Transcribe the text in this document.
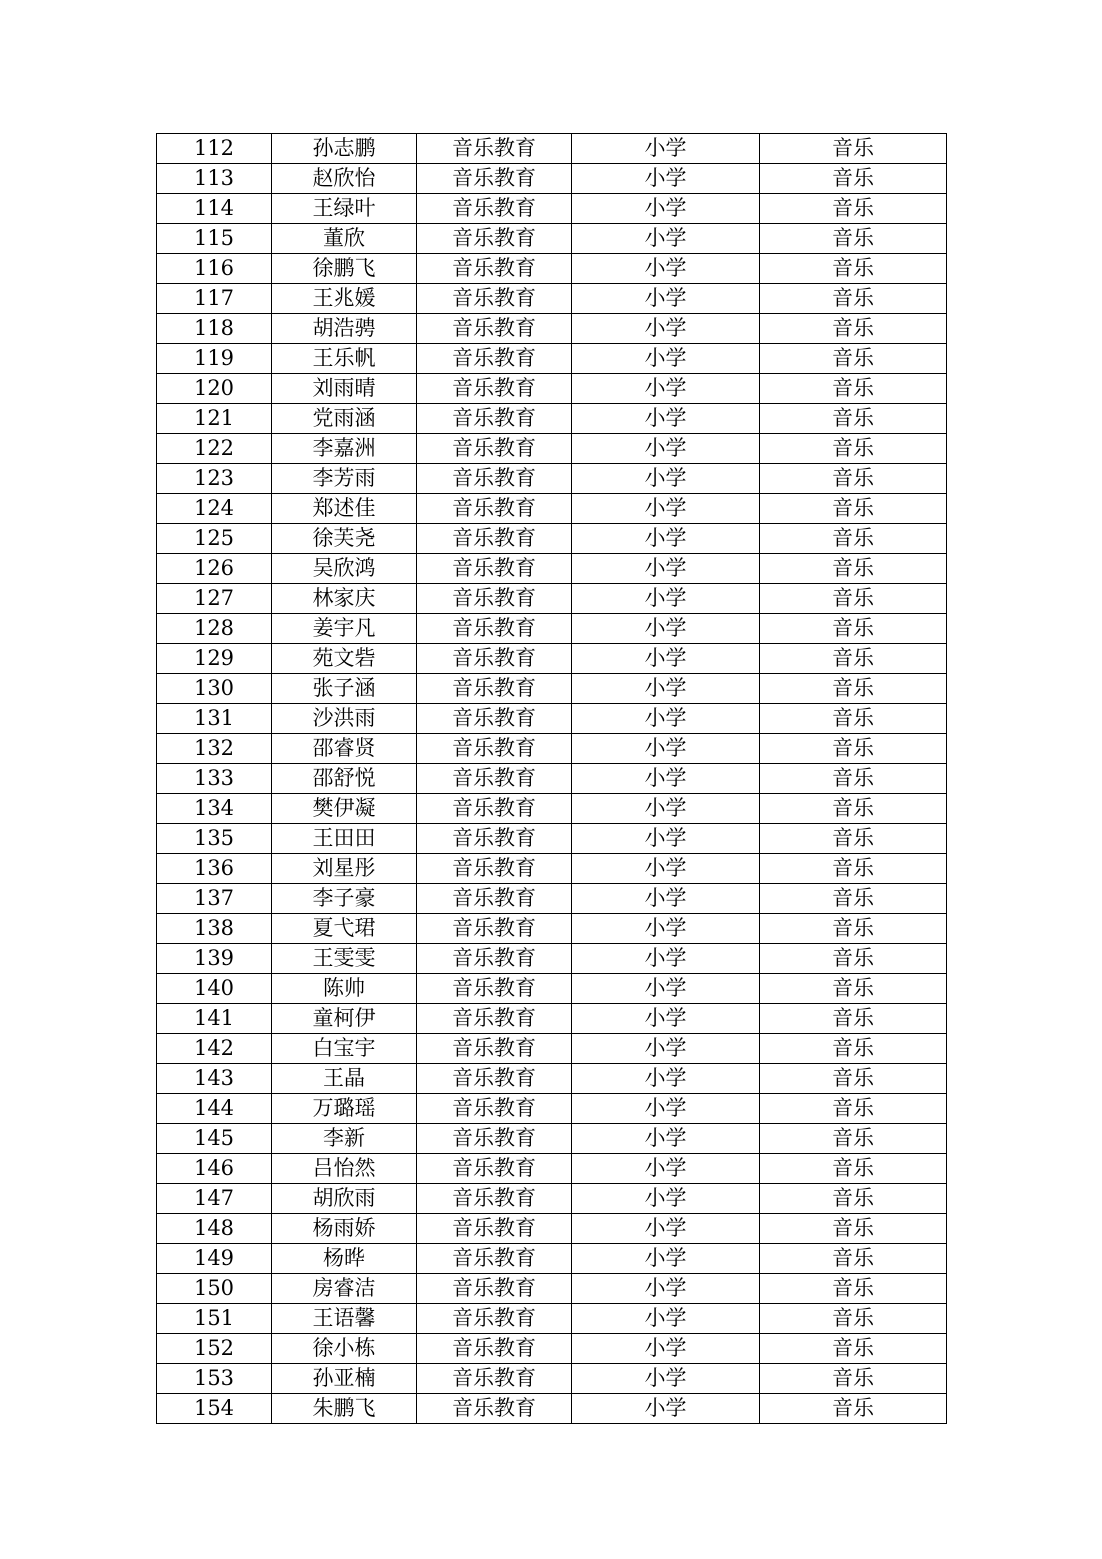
112	孙志鹏	音乐教育	小学	音乐
113	赵欣怡	音乐教育	小学	音乐
114	王绿叶	音乐教育	小学	音乐
115	董欣	音乐教育	小学	音乐
116	徐鹏飞	音乐教育	小学	音乐
117	王兆媛	音乐教育	小学	音乐
118	胡浩骋	音乐教育	小学	音乐
119	王乐帆	音乐教育	小学	音乐
120	刘雨晴	音乐教育	小学	音乐
121	党雨涵	音乐教育	小学	音乐
122	李嘉洲	音乐教育	小学	音乐
123	李芳雨	音乐教育	小学	音乐
124	郑述佳	音乐教育	小学	音乐
125	徐芙尧	音乐教育	小学	音乐
126	吴欣鸿	音乐教育	小学	音乐
127	林家庆	音乐教育	小学	音乐
128	姜宇凡	音乐教育	小学	音乐
129	苑文砦	音乐教育	小学	音乐
130	张子涵	音乐教育	小学	音乐
131	沙洪雨	音乐教育	小学	音乐
132	邵睿贤	音乐教育	小学	音乐
133	邵舒悦	音乐教育	小学	音乐
134	樊伊凝	音乐教育	小学	音乐
135	王田田	音乐教育	小学	音乐
136	刘星彤	音乐教育	小学	音乐
137	李子豪	音乐教育	小学	音乐
138	夏弋珺	音乐教育	小学	音乐
139	王雯雯	音乐教育	小学	音乐
140	陈帅	音乐教育	小学	音乐
141	童柯伊	音乐教育	小学	音乐
142	白宝宇	音乐教育	小学	音乐
143	王晶	音乐教育	小学	音乐
144	万璐瑶	音乐教育	小学	音乐
145	李新	音乐教育	小学	音乐
146	吕怡然	音乐教育	小学	音乐
147	胡欣雨	音乐教育	小学	音乐
148	杨雨娇	音乐教育	小学	音乐
149	杨晔	音乐教育	小学	音乐
150	房睿洁	音乐教育	小学	音乐
151	王语馨	音乐教育	小学	音乐
152	徐小栋	音乐教育	小学	音乐
153	孙亚楠	音乐教育	小学	音乐
154	朱鹏飞	音乐教育	小学	音乐
